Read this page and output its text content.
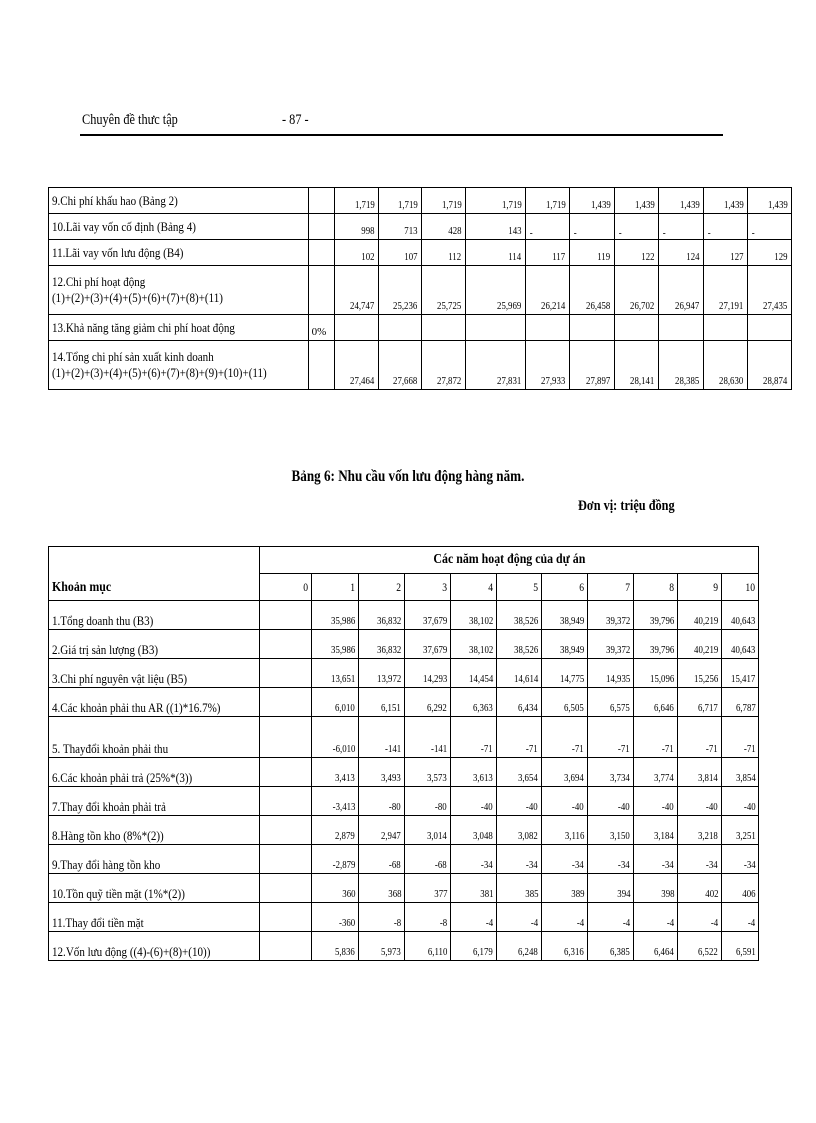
Chuyên đề thưc tập	- 87 -
9.Chi phí khấu hao (Bảng 2)		1,719	1,719	1,719	1,719	1,719	1,439	1,439	1,439	1,439	1,439
10.Lãi vay vốn cố định (Bảng 4)		998	713	428	143	-	-	-	-	-	-
11.Lãi vay vốn lưu động (B4)		102	107	112	114	117	119	122	124	127	129
12.Chi phí hoạt động
(1)+(2)+(3)+(4)+(5)+(6)+(7)+(8)+(11)		24,747	25,236	25,725	25,969	26,214	26,458	26,702	26,947	27,191	27,435
13.Khả năng tăng giảm chi phí hoat động	0%										
14.Tổng chi phí sản xuất kinh doanh
(1)+(2)+(3)+(4)+(5)+(6)+(7)+(8)+(9)+(10)+(11)		27,464	27,668	27,872	27,831	27,933	27,897	28,141	28,385	28,630	28,874
Bảng 6: Nhu cầu vốn lưu động hàng năm.
Đơn vị: triệu đồng
Khoản mục	Các năm hoạt động của dự án										
	0	1	2	3	4	5	6	7	8	9	10
1.Tổng doanh thu (B3)		35,986	36,832	37,679	38,102	38,526	38,949	39,372	39,796	40,219	40,643
2.Giá trị sản lượng (B3)		35,986	36,832	37,679	38,102	38,526	38,949	39,372	39,796	40,219	40,643
3.Chi phí nguyên vật liệu (B5)		13,651	13,972	14,293	14,454	14,614	14,775	14,935	15,096	15,256	15,417
4.Các khoản phải thu AR ((1)*16.7%)		6,010	6,151	6,292	6,363	6,434	6,505	6,575	6,646	6,717	6,787
5. Thayđổi khoản phải thu		-6,010	-141	-141	-71	-71	-71	-71	-71	-71	-71
6.Các khoản phải trả (25%*(3))		3,413	3,493	3,573	3,613	3,654	3,694	3,734	3,774	3,814	3,854
7.Thay đổi khoản phải trả		-3,413	-80	-80	-40	-40	-40	-40	-40	-40	-40
8.Hàng tồn kho (8%*(2))		2,879	2,947	3,014	3,048	3,082	3,116	3,150	3,184	3,218	3,251
9.Thay đổi hàng tồn kho		-2,879	-68	-68	-34	-34	-34	-34	-34	-34	-34
10.Tồn quỹ tiền mặt (1%*(2))		360	368	377	381	385	389	394	398	402	406
11.Thay đổi tiền mặt		-360	-8	-8	-4	-4	-4	-4	-4	-4	-4
12.Vốn lưu động ((4)-(6)+(8)+(10))		5,836	5,973	6,110	6,179	6,248	6,316	6,385	6,464	6,522	6,591
